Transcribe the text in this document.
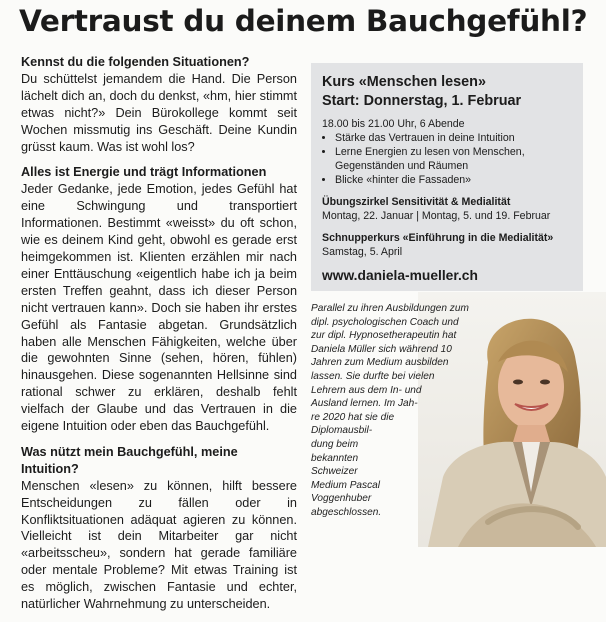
Vertraust du deinem Bauchgefühl?
Kennst du die folgenden Situationen?

Du schüttelst jemandem die Hand. Die Person lächelt dich an, doch du denkst, «hm, hier stimmt etwas nicht?» Dein Bürokollege kommt seit Wochen missmutig ins Geschäft. Deine Kundin grüsst kaum. Was ist wohl los?

Alles ist Energie und trägt Informationen

Jeder Gedanke, jede Emotion, jedes Gefühl hat eine Schwingung und transportiert Informationen. Bestimmt «weisst» du oft schon, wie es deinem Kind geht, obwohl es gerade erst heimgekommen ist. Klienten erzählen mir nach einer Enttäuschung «eigentlich habe ich ja beim ersten Treffen geahnt, dass ich dieser Person nicht vertrauen kann». Doch sie haben ihr erstes Gefühl als Fantasie abgetan. Grundsätzlich haben alle Menschen Fähigkeiten, welche über die gewohnten Sinne (sehen, hören, fühlen) hinausgehen. Diese sogenannten Hellsinne sind rational schwer zu erklären, deshalb fehlt vielfach der Glaube und das Vertrauen in die eigene Intuition oder eben das Bauchgefühl.

Was nützt mein Bauchgefühl, meine Intuition?

Menschen «lesen» zu können, hilft bessere Entscheidungen zu fällen oder in Konfliktsituationen adäquat agieren zu können. Vielleicht ist dein Mitarbeiter gar nicht «arbeitsscheu», sondern hat gerade familiäre oder mentale Probleme? Mit etwas Training ist es möglich, zwischen Fantasie und echter, natürlicher Wahrnehmung zu unterscheiden.

Kurs «Menschen lesen»
Start: Donnerstag, 1. Februar
18.00 bis 21.00 Uhr, 6 Abende
• Stärke das Vertrauen in deine Intuition
• Lerne Energien zu lesen von Menschen, Gegenständen und Räumen
• Blicke «hinter die Fassaden»
Übungszirkel Sensitivität & Medialität
Montag, 22. Januar | Montag, 5. und 19. Februar
Schnupperkurs «Einführung in die Medialität»
Samstag, 5. April
www.daniela-mueller.ch
Parallel zu ihren Ausbildungen zum
dipl. psychologischen Coach und
zur dipl. Hypnosetherapeutin hat
Daniela Müller sich während 10
Jahren zum Medium ausbilden
lassen. Sie durfte bei vielen
Lehrern aus dem In- und
Ausland lernen. Im Jah-
re 2020 hat sie die
Diplomausbil-
dung beim
bekannten
Schweizer
Medium Pascal
Voggenhuber
abgeschlossen.
